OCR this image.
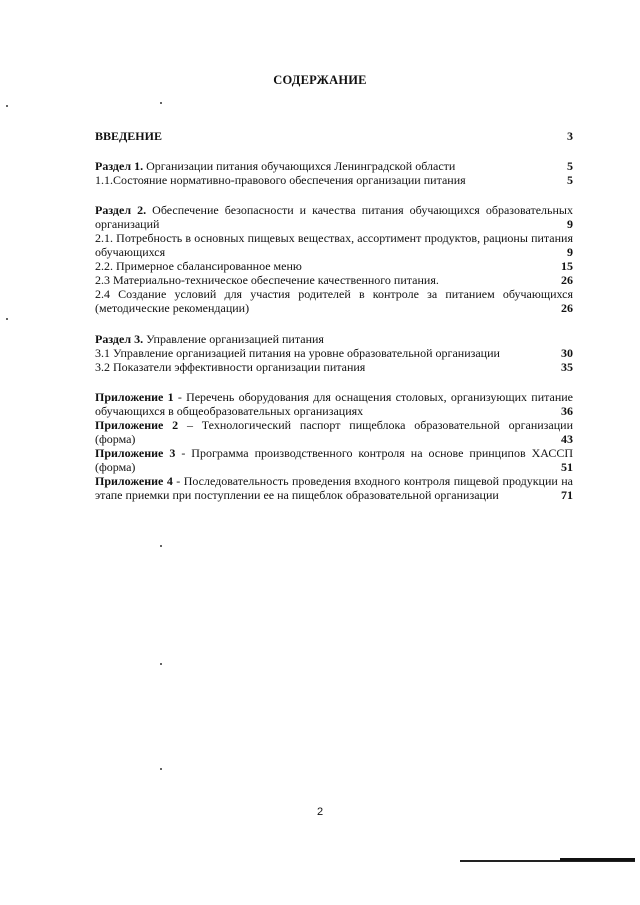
СОДЕРЖАНИЕ
ВВЕДЕНИЕ	3
Раздел 1. Организации питания обучающихся Ленинградской области	5
1.1.Состояние нормативно-правового обеспечения организации питания	5
Раздел 2. Обеспечение безопасности и качества питания обучающихся образовательных организаций	9
2.1. Потребность в основных пищевых веществах, ассортимент продуктов, рационы питания обучающихся	9
2.2. Примерное сбалансированное меню	15
2.3 Материально-техническое обеспечение качественного питания.	26
2.4 Создание условий для участия родителей в контроле за питанием обучающихся (методические рекомендации)	26
Раздел 3. Управление организацией питания
3.1 Управление организацией питания на уровне образовательной организации	30
3.2 Показатели эффективности организации питания	35
Приложение 1 - Перечень оборудования для оснащения столовых, организующих питание обучающихся в общеобразовательных организациях	36
Приложение 2 – Технологический паспорт пищеблока образовательной организации (форма)	43
Приложение 3 - Программа производственного контроля на основе принципов ХАССП (форма)	51
Приложение 4 - Последовательность проведения входного контроля пищевой продукции на этапе приемки при поступлении ее на пищеблок образовательной организации	71
2
